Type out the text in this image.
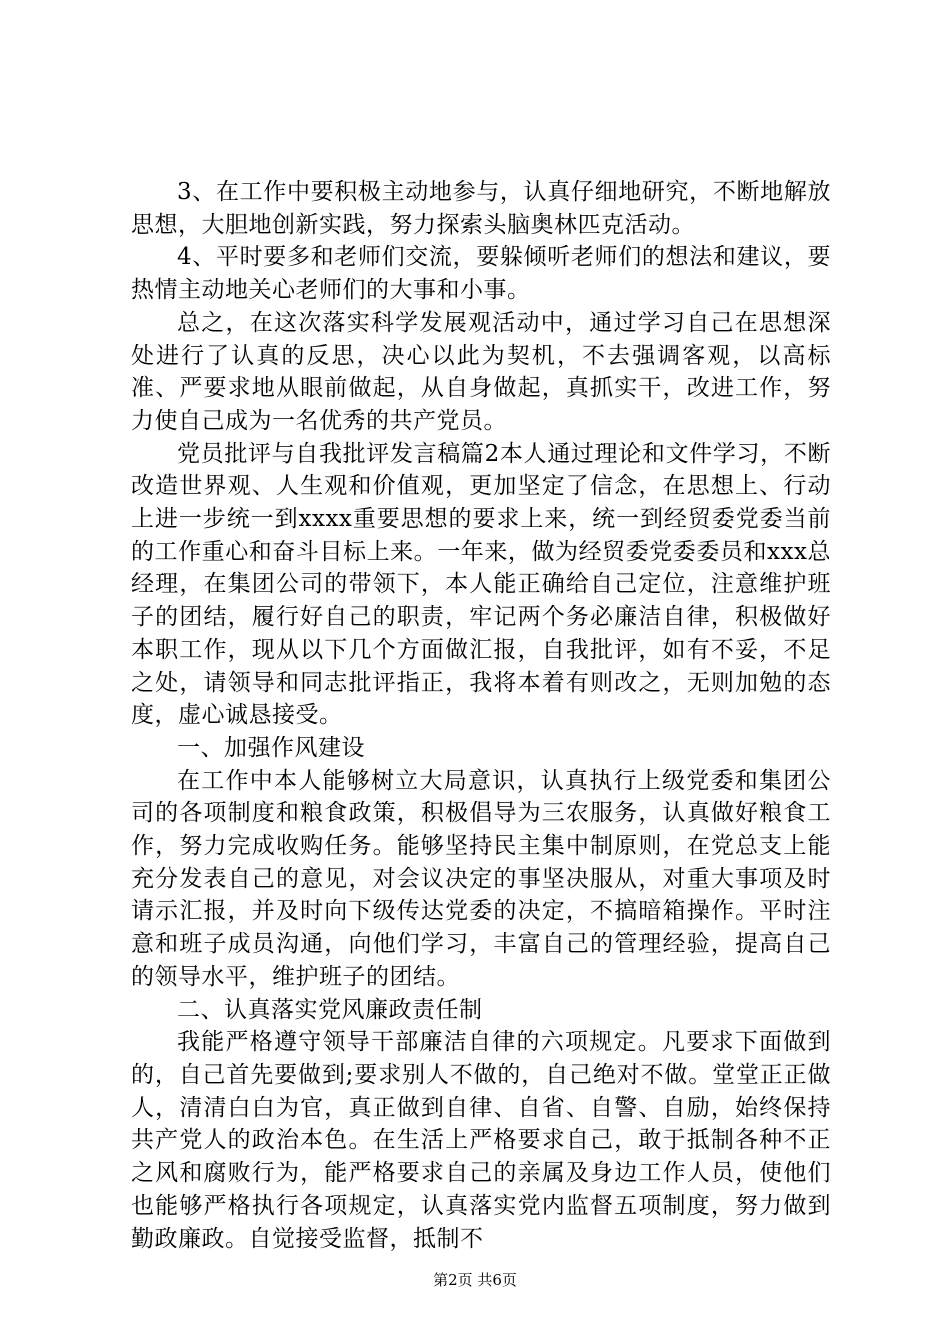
3、在工作中要积极主动地参与，认真仔细地研究，不断地解放思想，大胆地创新实践，努力探索头脑奥林匹克活动。

4、平时要多和老师们交流，要躲倾听老师们的想法和建议，要热情主动地关心老师们的大事和小事。

总之，在这次落实科学发展观活动中，通过学习自己在思想深处进行了认真的反思，决心以此为契机，不去强调客观，以高标准、严要求地从眼前做起，从自身做起，真抓实干，改进工作，努力使自己成为一名优秀的共产党员。

党员批评与自我批评发言稿篇2本人通过理论和文件学习，不断改造世界观、人生观和价值观，更加坚定了信念，在思想上、行动上进一步统一到xxxx重要思想的要求上来，统一到经贸委党委当前的工作重心和奋斗目标上来。一年来，做为经贸委党委委员和xxx总经理，在集团公司的带领下，本人能正确给自己定位，注意维护班子的团结，履行好自己的职责，牢记两个务必廉洁自律，积极做好本职工作，现从以下几个方面做汇报，自我批评，如有不妥，不足之处，请领导和同志批评指正，我将本着有则改之，无则加勉的态度，虚心诚恳接受。

一、加强作风建设

在工作中本人能够树立大局意识，认真执行上级党委和集团公司的各项制度和粮食政策，积极倡导为三农服务，认真做好粮食工作，努力完成收购任务。能够坚持民主集中制原则，在党总支上能充分发表自己的意见，对会议决定的事坚决服从，对重大事项及时请示汇报，并及时向下级传达党委的决定，不搞暗箱操作。平时注意和班子成员沟通，向他们学习，丰富自己的管理经验，提高自己的领导水平，维护班子的团结。

二、认真落实党风廉政责任制

我能严格遵守领导干部廉洁自律的六项规定。凡要求下面做到的，自己首先要做到;要求别人不做的，自己绝对不做。堂堂正正做人，清清白白为官，真正做到自律、自省、自警、自励，始终保持共产党人的政治本色。在生活上严格要求自己，敢于抵制各种不正之风和腐败行为，能严格要求自己的亲属及身边工作人员，使他们也能够严格执行各项规定，认真落实党内监督五项制度，努力做到勤政廉政。自觉接受监督，抵制不

第2页 共6页
